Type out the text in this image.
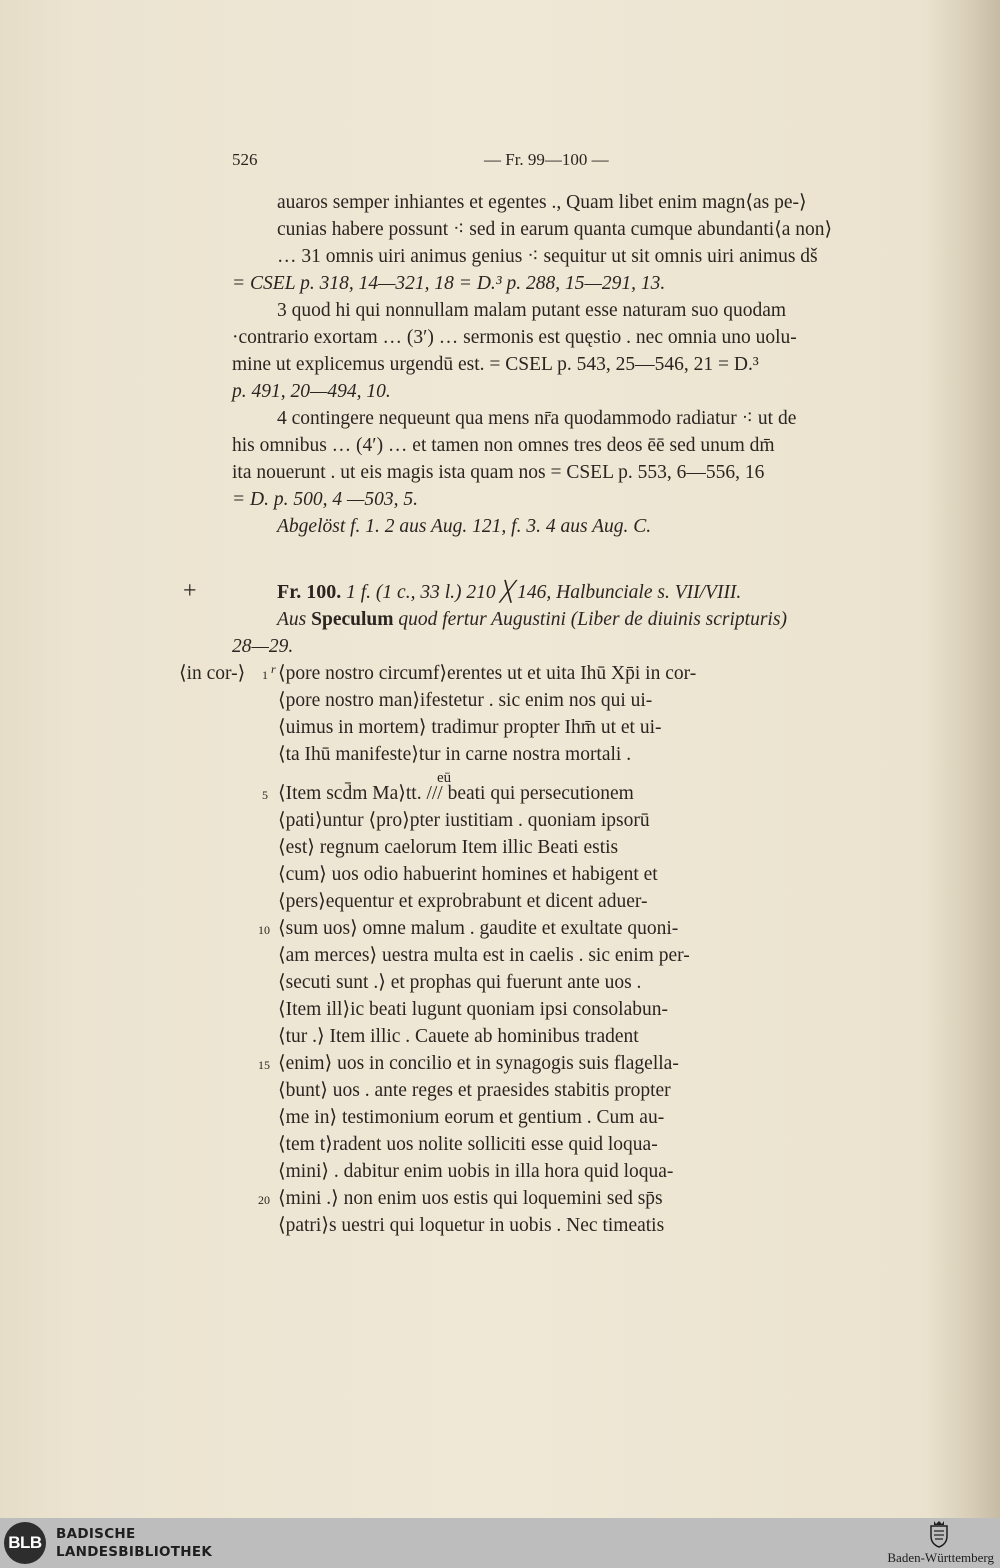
526	— Fr. 99—100 —
auaros semper inhiantes et egentes ., Quam libet enim magn⟨as pe-⟩
cunias habere possunt ⁖ sed in earum quanta cumque abundanti⟨a non⟩
… 31 omnis uiri animus genius ⁖ sequitur ut sit omnis uiri animus dš
= CSEL p. 318, 14—321, 18 = D.³ p. 288, 15—291, 13.
3 quod hi qui nonnullam malam putant esse naturam suo quodam
·contrario exortam … (3′) … sermonis est quęstio . nec omnia uno uolu-
mine ut explicemus urgendū est. = CSEL p. 543, 25—546, 21 = D.³
p. 491, 20—494, 10.
4 contingere nequeunt qua mens nr̄a quodammodo radiatur ⁖ ut de
his omnibus … (4′) … et tamen non omnes tres deos ēē sed unum dm̄
ita nouerunt . ut eis magis ista quam nos = CSEL p. 553, 6—556, 16
= D. p. 500, 4 —503, 5.
Abgelöst f. 1. 2 aus Aug. 121, f. 3. 4 aus Aug. C.
+	Fr. 100. 1 f. (1 c., 33 l.) 210 ╳ 146, Halbunciale s. VII/VIII.
Aus Speculum quod fertur Augustini (Liber de diuinis scripturis)
28—29.
⟨in cor-⟩ r
1 ⟨pore nostro circumf⟩erentes ut et uita Ihū Xp̄i in cor-
⟨pore nostro man⟩ifestetur . sic enim nos qui ui-
⟨uimus in mortem⟩ tradimur propter Ihm̄ ut et ui-
⟨ta Ihū manifeste⟩tur in carne nostra mortali .
5 ⟨Item scd̄m Ma⟩tt. /// beati qui persecutionem
⟨pati⟩untur ⟨pro⟩pter iustitiam . quoniam ipsorū
⟨est⟩ regnum caelorum Item illic Beati estis
⟨cum⟩ uos odio habuerint homines et habigent et
⟨pers⟩equentur et exprobrabunt et dicent aduer-
10 ⟨sum uos⟩ omne malum . gaudite et exultate quoni-
⟨am merces⟩ uestra multa est in caelis . sic enim per-
⟨secuti sunt .⟩ et prophas qui fuerunt ante uos .
⟨Item ill⟩ic beati lugunt quoniam ipsi consolabun-
⟨tur .⟩ Item illic . Cauete ab hominibus tradent
15 ⟨enim⟩ uos in concilio et in synagogis suis flagella-
⟨bunt⟩ uos . ante reges et praesides stabitis propter
⟨me in⟩ testimonium eorum et gentium . Cum au-
⟨tem t⟩radent uos nolite solliciti esse quid loqua-
⟨mini⟩ . dabitur enim uobis in illa hora quid loqua-
20 ⟨mini .⟩ non enim uos estis qui loquemini sed sp̄s
⟨patri⟩s uestri qui loquetur in uobis . Nec timeatis
eū
BLB	BADISCHE
LANDESBIBLIOTHEK	Baden-Württemberg
